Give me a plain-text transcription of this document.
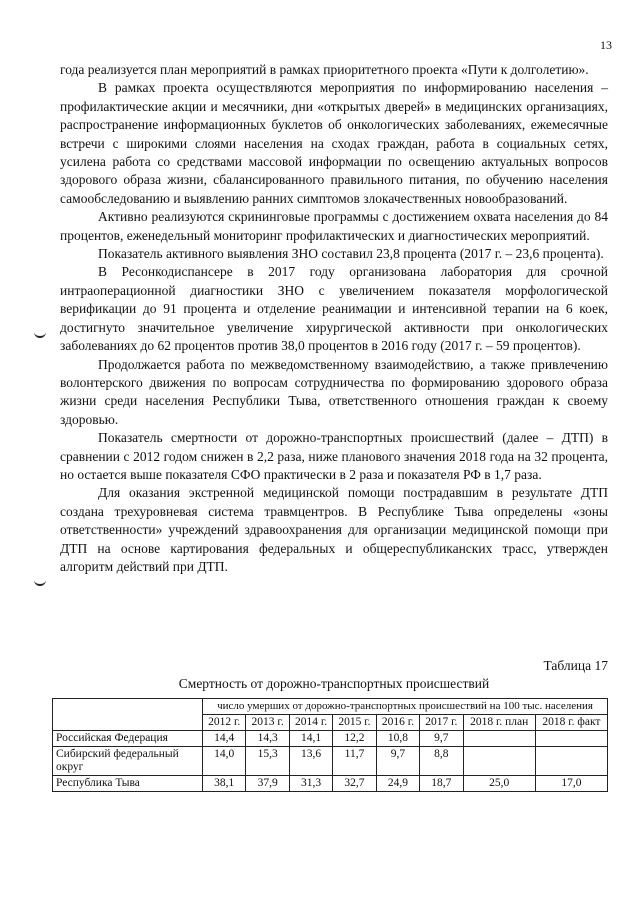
13

года реализуется план мероприятий в рамках приоритетного проекта «Пути к долголетию».

В рамках проекта осуществляются мероприятия по информированию населения – профилактические акции и месячники, дни «открытых дверей» в медицинских организациях, распространение информационных буклетов об онкологических заболеваниях, ежемесячные встречи с широкими слоями населения на сходах граждан, работа в социальных сетях, усилена работа со средствами массовой информации по освещению актуальных вопросов здорового образа жизни, сбалансированного правильного питания, по обучению населения самообследованию и выявлению ранних симптомов злокачественных новообразований.

Активно реализуются скрининговые программы с достижением охвата населения до 84 процентов, еженедельный мониторинг профилактических и диагностических мероприятий.

Показатель активного выявления ЗНО составил 23,8 процента (2017 г. – 23,6 процента).

В Ресонкодиспансере в 2017 году организована лаборатория для срочной интраоперационной диагностики ЗНО с увеличением показателя морфологической верификации до 91 процента и отделение реанимации и интенсивной терапии на 6 коек, достигнуто значительное увеличение хирургической активности при онкологических заболеваниях до 62 процентов против 38,0 процентов в 2016 году (2017 г. – 59 процентов).

Продолжается работа по межведомственному взаимодействию, а также привлечению волонтерского движения по вопросам сотрудничества по формированию здорового образа жизни среди населения Республики Тыва, ответственного отношения граждан к своему здоровью.

Показатель смертности от дорожно-транспортных происшествий (далее – ДТП) в сравнении с 2012 годом снижен в 2,2 раза, ниже планового значения 2018 года на 32 процента, но остается выше показателя СФО практически в 2 раза и показателя РФ в 1,7 раза.

Для оказания экстренной медицинской помощи пострадавшим в результате ДТП создана трехуровневая система травмцентров. В Республике Тыва определены «зоны ответственности» учреждений здравоохранения для организации медицинской помощи при ДТП на основе картирования федеральных и общереспубликанских трасс, утвержден алгоритм действий при ДТП.

Таблица 17
Смертность от дорожно-транспортных происшествий
	число умерших от дорожно-транспортных происшествий на 100 тыс. населения							
	2012 г.	2013 г.	2014 г.	2015 г.	2016 г.	2017 г.	2018 г. план	2018 г. факт
Российская Федерация	14,4	14,3	14,1	12,2	10,8	9,7		
Сибирский федеральный округ	14,0	15,3	13,6	11,7	9,7	8,8		
Республика Тыва	38,1	37,9	31,3	32,7	24,9	18,7	25,0	17,0
